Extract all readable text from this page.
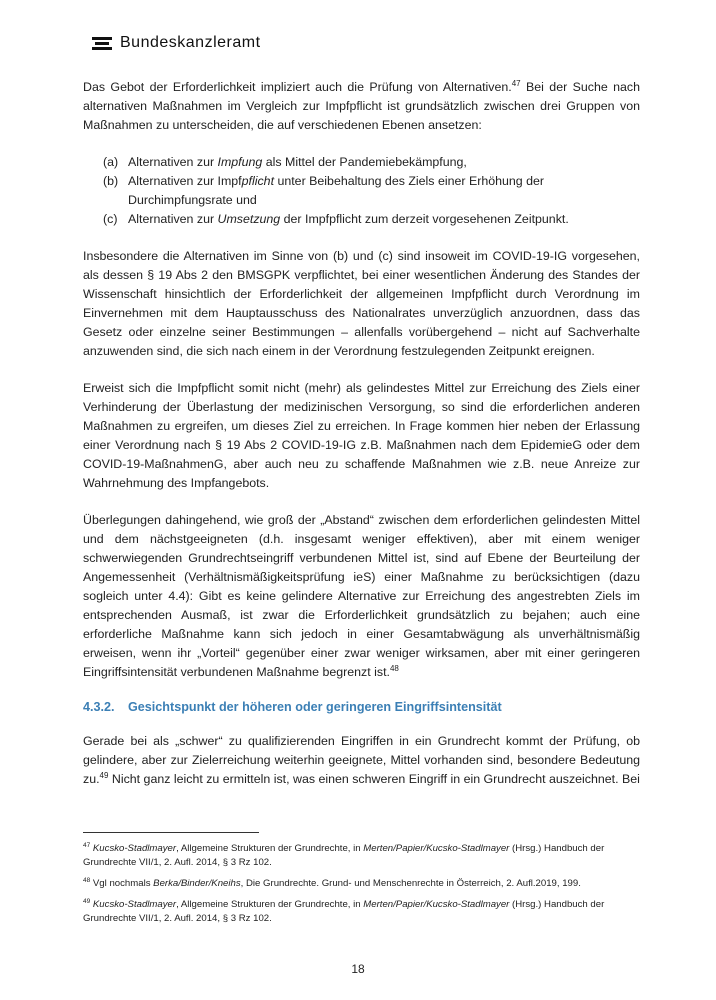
Bundeskanzleramt

Das Gebot der Erforderlichkeit impliziert auch die Prüfung von Alternativen.$^{47}$ Bei der Suche nach alternativen Maßnahmen im Vergleich zur Impfpflicht ist grundsätzlich zwischen drei Gruppen von Maßnahmen zu unterscheiden, die auf verschiedenen Ebenen ansetzen:

(a) Alternativen zur Impfung als Mittel der Pandemiebekämpfung,
(b) Alternativen zur Impfpflicht unter Beibehaltung des Ziels einer Erhöhung der Durchimpfungsrate und
(c) Alternativen zur Umsetzung der Impfpflicht zum derzeit vorgesehenen Zeitpunkt.

Insbesondere die Alternativen im Sinne von (b) und (c) sind insoweit im COVID-19-IG vorgesehen, als dessen § 19 Abs 2 den BMSGPK verpflichtet, bei einer wesentlichen Änderung des Standes der Wissenschaft hinsichtlich der Erforderlichkeit der allgemeinen Impfpflicht durch Verordnung im Einvernehmen mit dem Hauptausschuss des Nationalrates unverzüglich anzuordnen, dass das Gesetz oder einzelne seiner Bestimmungen – allenfalls vorübergehend – nicht auf Sachverhalte anzuwenden sind, die sich nach einem in der Verordnung festzulegenden Zeitpunkt ereignen.

Erweist sich die Impfpflicht somit nicht (mehr) als gelindestes Mittel zur Erreichung des Ziels einer Verhinderung der Überlastung der medizinischen Versorgung, so sind die erforderlichen anderen Maßnahmen zu ergreifen, um dieses Ziel zu erreichen. In Frage kommen hier neben der Erlassung einer Verordnung nach § 19 Abs 2 COVID-19-IG z.B. Maßnahmen nach dem EpidemieG oder dem COVID-19-MaßnahmenG, aber auch neu zu schaffende Maßnahmen wie z.B. neue Anreize zur Wahrnehmung des Impfangebots.

Überlegungen dahingehend, wie groß der „Abstand“ zwischen dem erforderlichen gelindesten Mittel und dem nächstgeeigneten (d.h. insgesamt weniger effektiven), aber mit einem weniger schwerwiegenden Grundrechtseingriff verbundenen Mittel ist, sind auf Ebene der Beurteilung der Angemessenheit (Verhältnismäßigkeitsprüfung ieS) einer Maßnahme zu berücksichtigen (dazu sogleich unter 4.4): Gibt es keine gelindere Alternative zur Erreichung des angestrebten Ziels im entsprechenden Ausmaß, ist zwar die Erforderlichkeit grundsätzlich zu bejahen; auch eine erforderliche Maßnahme kann sich jedoch in einer Gesamtabwägung als unverhältnismäßig erweisen, wenn ihr „Vorteil“ gegenüber einer zwar weniger wirksamen, aber mit einer geringeren Eingriffsintensität verbundenen Maßnahme begrenzt ist.$^{48}$

4.3.2.	Gesichtspunkt der höheren oder geringeren Eingriffsintensität

Gerade bei als „schwer“ zu qualifizierenden Eingriffen in ein Grundrecht kommt der Prüfung, ob gelindere, aber zur Zielerreichung weiterhin geeignete, Mittel vorhanden sind, besondere Bedeutung zu.$^{49}$ Nicht ganz leicht zu ermitteln ist, was einen schweren Eingriff in ein Grundrecht auszeichnet. Bei

$^{47}$ Kucsko-Stadlmayer, Allgemeine Strukturen der Grundrechte, in Merten/Papier/Kucsko-Stadlmayer (Hrsg.) Handbuch der Grundrechte VII/1, 2. Aufl. 2014, § 3 Rz 102.
$^{48}$ Vgl nochmals Berka/Binder/Kneihs, Die Grundrechte. Grund- und Menschenrechte in Österreich, 2. Aufl.2019, 199.
$^{49}$ Kucsko-Stadlmayer, Allgemeine Strukturen der Grundrechte, in Merten/Papier/Kucsko-Stadlmayer (Hrsg.) Handbuch der Grundrechte VII/1, 2. Aufl. 2014, § 3 Rz 102.
18
